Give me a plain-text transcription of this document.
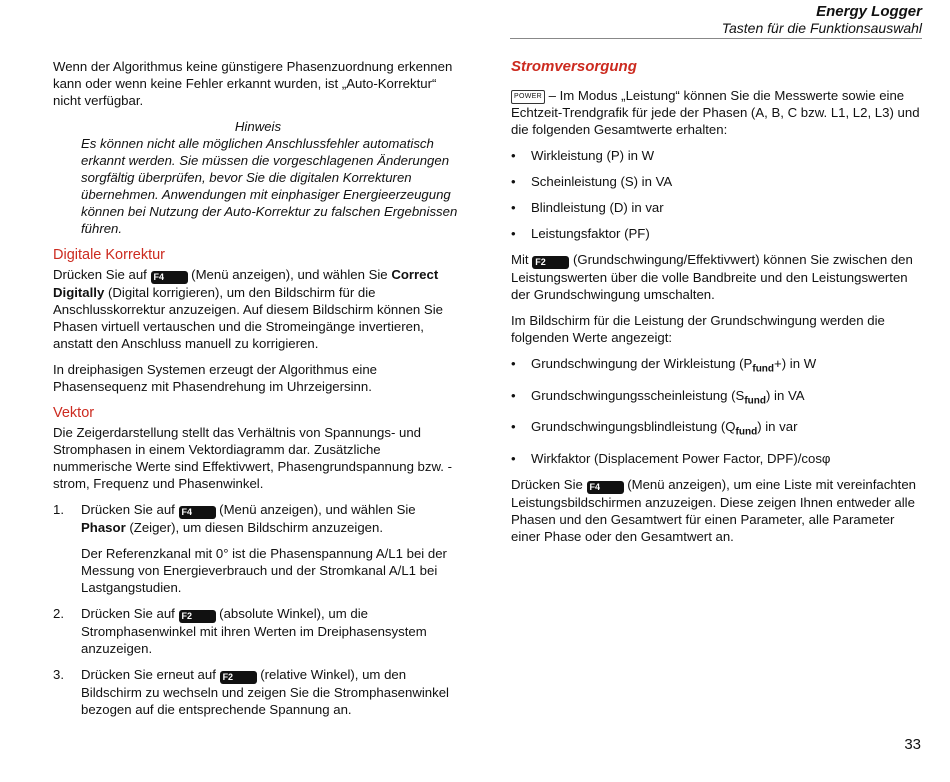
Energy Logger
Tasten für die Funktionsauswahl

Wenn der Algorithmus keine günstigere Phasenzuordnung erkennen kann oder wenn keine Fehler erkannt wurden, ist „Auto-Korrektur“ nicht verfügbar.

Hinweis

Es können nicht alle möglichen Anschlussfehler automatisch erkannt werden. Sie müssen die vorgeschlagenen Änderungen sorgfältig überprüfen, bevor Sie die digitalen Korrekturen übernehmen. Anwendungen mit einphasiger Energieerzeugung können bei Nutzung der Auto-Korrektur zu falschen Ergebnissen führen.

Digitale Korrektur

Drücken Sie auf F4 (Menü anzeigen), und wählen Sie Correct Digitally (Digital korrigieren), um den Bildschirm für die Anschlusskorrektur anzuzeigen. Auf diesem Bildschirm können Sie Phasen virtuell vertauschen und die Stromeingänge invertieren, anstatt den Anschluss manuell zu korrigieren.

In dreiphasigen Systemen erzeugt der Algorithmus eine Phasensequenz mit Phasendrehung im Uhrzeigersinn.

Vektor

Die Zeigerdarstellung stellt das Verhältnis von Spannungs- und Stromphasen in einem Vektordiagramm dar. Zusätzliche nummerische Werte sind Effektivwert, Phasengrundspannung bzw. -strom, Frequenz und Phasenwinkel.

1. Drücken Sie auf F4 (Menü anzeigen), und wählen Sie Phasor (Zeiger), um diesen Bildschirm anzuzeigen.
Der Referenzkanal mit 0° ist die Phasenspannung A/L1 bei der Messung von Energieverbrauch und der Stromkanal A/L1 bei Lastgangstudien.
2. Drücken Sie auf F2 (absolute Winkel), um die Stromphasenwinkel mit ihren Werten im Dreiphasensystem anzuzeigen.
3. Drücken Sie erneut auf F2 (relative Winkel), um den Bildschirm zu wechseln und zeigen Sie die Stromphasenwinkel bezogen auf die entsprechende Spannung an.
Stromversorgung

POWER – Im Modus „Leistung“ können Sie die Messwerte sowie eine Echtzeit-Trendgrafik für jede der Phasen (A, B, C bzw. L1, L2, L3) und die folgenden Gesamtwerte erhalten:

• Wirkleistung (P) in W
• Scheinleistung (S) in VA
• Blindleistung (D) in var
• Leistungsfaktor (PF)

Mit F2 (Grundschwingung/Effektivwert) können Sie zwischen den Leistungswerten über die volle Bandbreite und den Leistungswerten der Grundschwingung umschalten.

Im Bildschirm für die Leistung der Grundschwingung werden die folgenden Werte angezeigt:

• Grundschwingung der Wirkleistung $(P_{fund}+)$ in W
• Grundschwingungsscheinleistung $(S_{fund})$ in VA
• Grundschwingungsblindleistung $(Q_{fund})$ in var
• Wirkfaktor (Displacement Power Factor, DPF)/cosφ

Drücken Sie F4 (Menü anzeigen), um eine Liste mit vereinfachten Leistungsbildschirmen anzuzeigen. Diese zeigen Ihnen entweder alle Phasen und den Gesamtwert für einen Parameter, alle Parameter einer Phase oder den Gesamtwert an.

33
